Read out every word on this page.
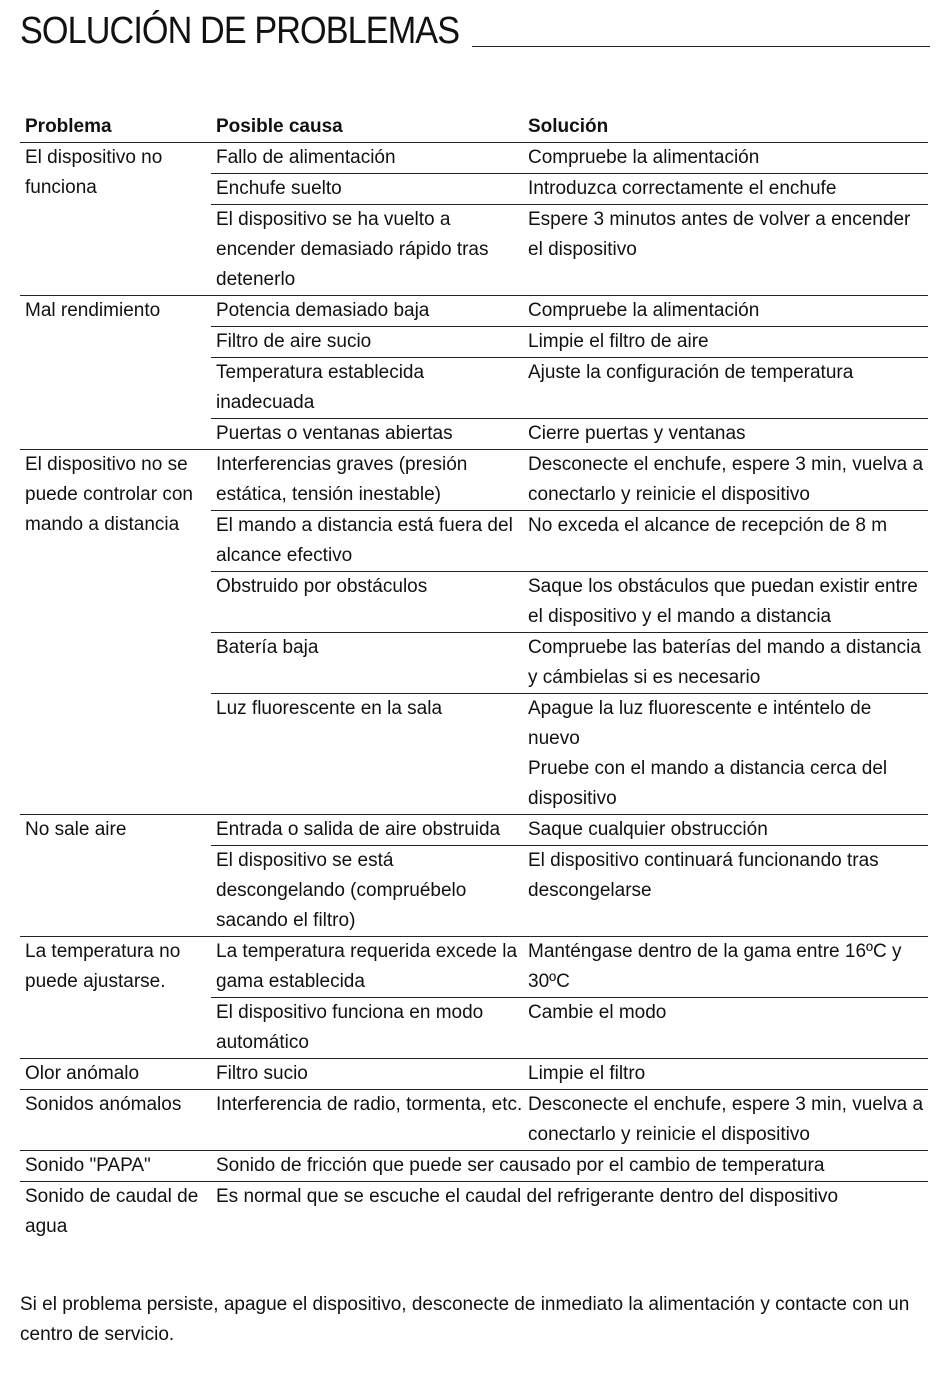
SOLUCIÓN DE PROBLEMAS
Problema	Posible causa	Solución
El dispositivo no funciona	Fallo de alimentación	Compruebe la alimentación
	Enchufe suelto	Introduzca correctamente el enchufe
	El dispositivo se ha vuelto a encender demasiado rápido tras detenerlo	Espere 3 minutos antes de volver a encender el dispositivo
Mal rendimiento	Potencia demasiado baja	Compruebe la alimentación
	Filtro de aire sucio	Limpie el filtro de aire
	Temperatura establecida inadecuada	Ajuste la configuración de temperatura
	Puertas o ventanas abiertas	Cierre puertas y ventanas
El dispositivo no se puede controlar con mando a distancia	Interferencias graves (presión estática, tensión inestable)	Desconecte el enchufe, espere 3 min, vuelva a conectarlo y reinicie el dispositivo
	El mando a distancia está fuera del alcance efectivo	No exceda el alcance de recepción de 8 m
	Obstruido por obstáculos	Saque los obstáculos que puedan existir entre el dispositivo y el mando a distancia
	Batería baja	Compruebe las baterías del mando a distancia y cámbielas si es necesario
	Luz fluorescente en la sala	Apague la luz fluorescente e inténtelo de nuevo
Pruebe con el mando a distancia cerca del dispositivo
No sale aire	Entrada o salida de aire obstruida	Saque cualquier obstrucción
	El dispositivo se está descongelando (compruébelo sacando el filtro)	El dispositivo continuará funcionando tras descongelarse
La temperatura no puede ajustarse.	La temperatura requerida excede la gama establecida	Manténgase dentro de la gama entre 16ºC y 30ºC
	El dispositivo funciona en modo automático	Cambie el modo
Olor anómalo	Filtro sucio	Limpie el filtro
Sonidos anómalos	Interferencia de radio, tormenta, etc.	Desconecte el enchufe, espere 3 min, vuelva a conectarlo y reinicie el dispositivo
Sonido "PAPA"	Sonido de fricción que puede ser causado por el cambio de temperatura	
Sonido de caudal de agua	Es normal que se escuche el caudal del refrigerante dentro del dispositivo	
Si el problema persiste, apague el dispositivo, desconecte de inmediato la alimentación y contacte con un centro de servicio.
